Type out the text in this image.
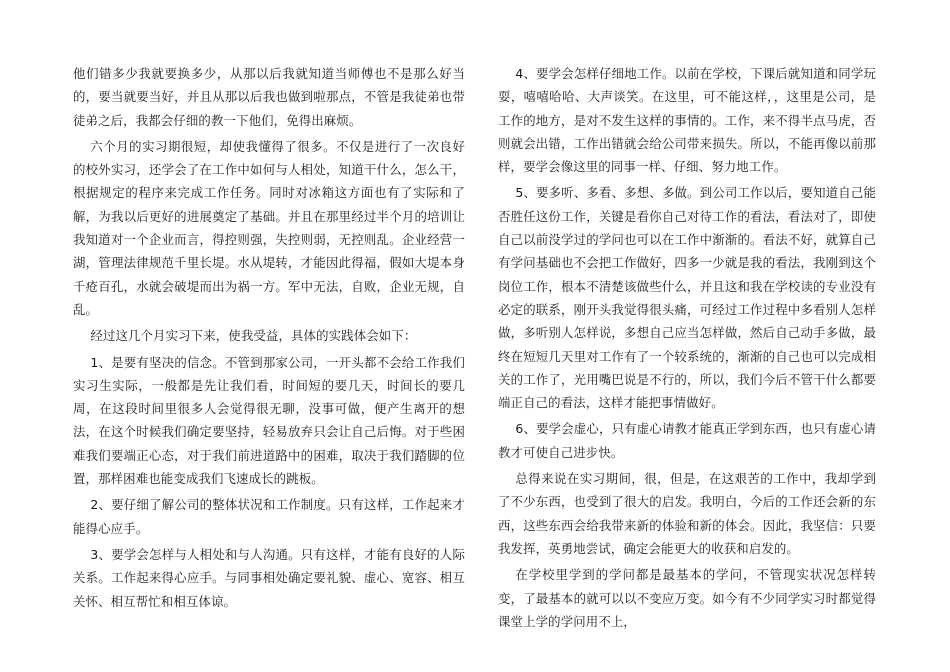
他们错多少我就要换多少，从那以后我就知道当师傅也不是那么好当的，要当就要当好，并且从那以后我也做到啦那点，不管是我徒弟也带徒弟之后，我都会仔细的教一下他们，免得出麻烦。

六个月的实习期很短，却使我懂得了很多。不仅是进行了一次良好的校外实习，还学会了在工作中如何与人相处，知道干什么，怎么干，根据规定的程序来完成工作任务。同时对冰箱这方面也有了实际和了解，为我以后更好的进展奠定了基础。并且在那里经过半个月的培训让我知道对一个企业而言，得控则强，失控则弱，无控则乱。企业经营一湖，管理法律规范千里长堤。水从堤转，才能因此得福，假如大堤本身千疮百孔，水就会破堤而出为祸一方。军中无法，自败，企业无规，自乱。

经过这几个月实习下来，使我受益，具体的实践体会如下：

1、是要有坚决的信念。不管到那家公司，一开头都不会给工作我们实习生实际，一般都是先让我们看，时间短的要几天，时间长的要几周，在这段时间里很多人会觉得很无聊，没事可做，便产生离开的想法，在这个时候我们确定要坚持，轻易放弃只会让自己后悔。对于些困难我们要端正心态，对于我们前进道路中的困难，取决于我们踏脚的位置，那样困难也能变成我们飞速成长的跳板。

2、要仔细了解公司的整体状况和工作制度。只有这样，工作起来才能得心应手。

3、要学会怎样与人相处和与人沟通。只有这样，才能有良好的人际关系。工作起来得心应手。与同事相处确定要礼貌、虚心、宽容、相互关怀、相互帮忙和相互体谅。

4、要学会怎样仔细地工作。以前在学校，下课后就知道和同学玩耍，嘻嘻哈哈、大声谈笑。在这里，可不能这样，，这里是公司，是工作的地方，是对不发生这样的事情的。工作，来不得半点马虎，否则就会出错，工作出错就会给公司带来损失。所以，不能再像以前那样，要学会像这里的同事一样、仔细、努力地工作。

5、要多听、多看、多想、多做。到公司工作以后，要知道自己能否胜任这份工作，关键是看你自己对待工作的看法，看法对了，即使自己以前没学过的学问也可以在工作中渐渐的。看法不好，就算自己有学问基础也不会把工作做好，四多一少就是我的看法，我刚到这个岗位工作，根本不清楚该做些什么，并且这和我在学校读的专业没有必定的联系，刚开头我觉得很头痛，可经过工作过程中多看别人怎样做，多听别人怎样说，多想自己应当怎样做，然后自己动手多做，最终在短短几天里对工作有了一个较系统的，渐渐的自己也可以完成相关的工作了，光用嘴巴说是不行的，所以，我们今后不管干什么都要端正自己的看法，这样才能把事情做好。

6、要学会虚心，只有虚心请教才能真正学到东西，也只有虚心请教才可使自己进步快。

总得来说在实习期间，很，但是，在这艰苦的工作中，我却学到了不少东西，也受到了很大的启发。我明白，今后的工作还会新的东西，这些东西会给我带来新的体验和新的体会。因此，我坚信：只要我发挥，英勇地尝试，确定会能更大的收获和启发的。

在学校里学到的学问都是最基本的学问，不管现实状况怎样转变，了最基本的就可以以不变应万变。如今有不少同学实习时都觉得课堂上学的学问用不上，
